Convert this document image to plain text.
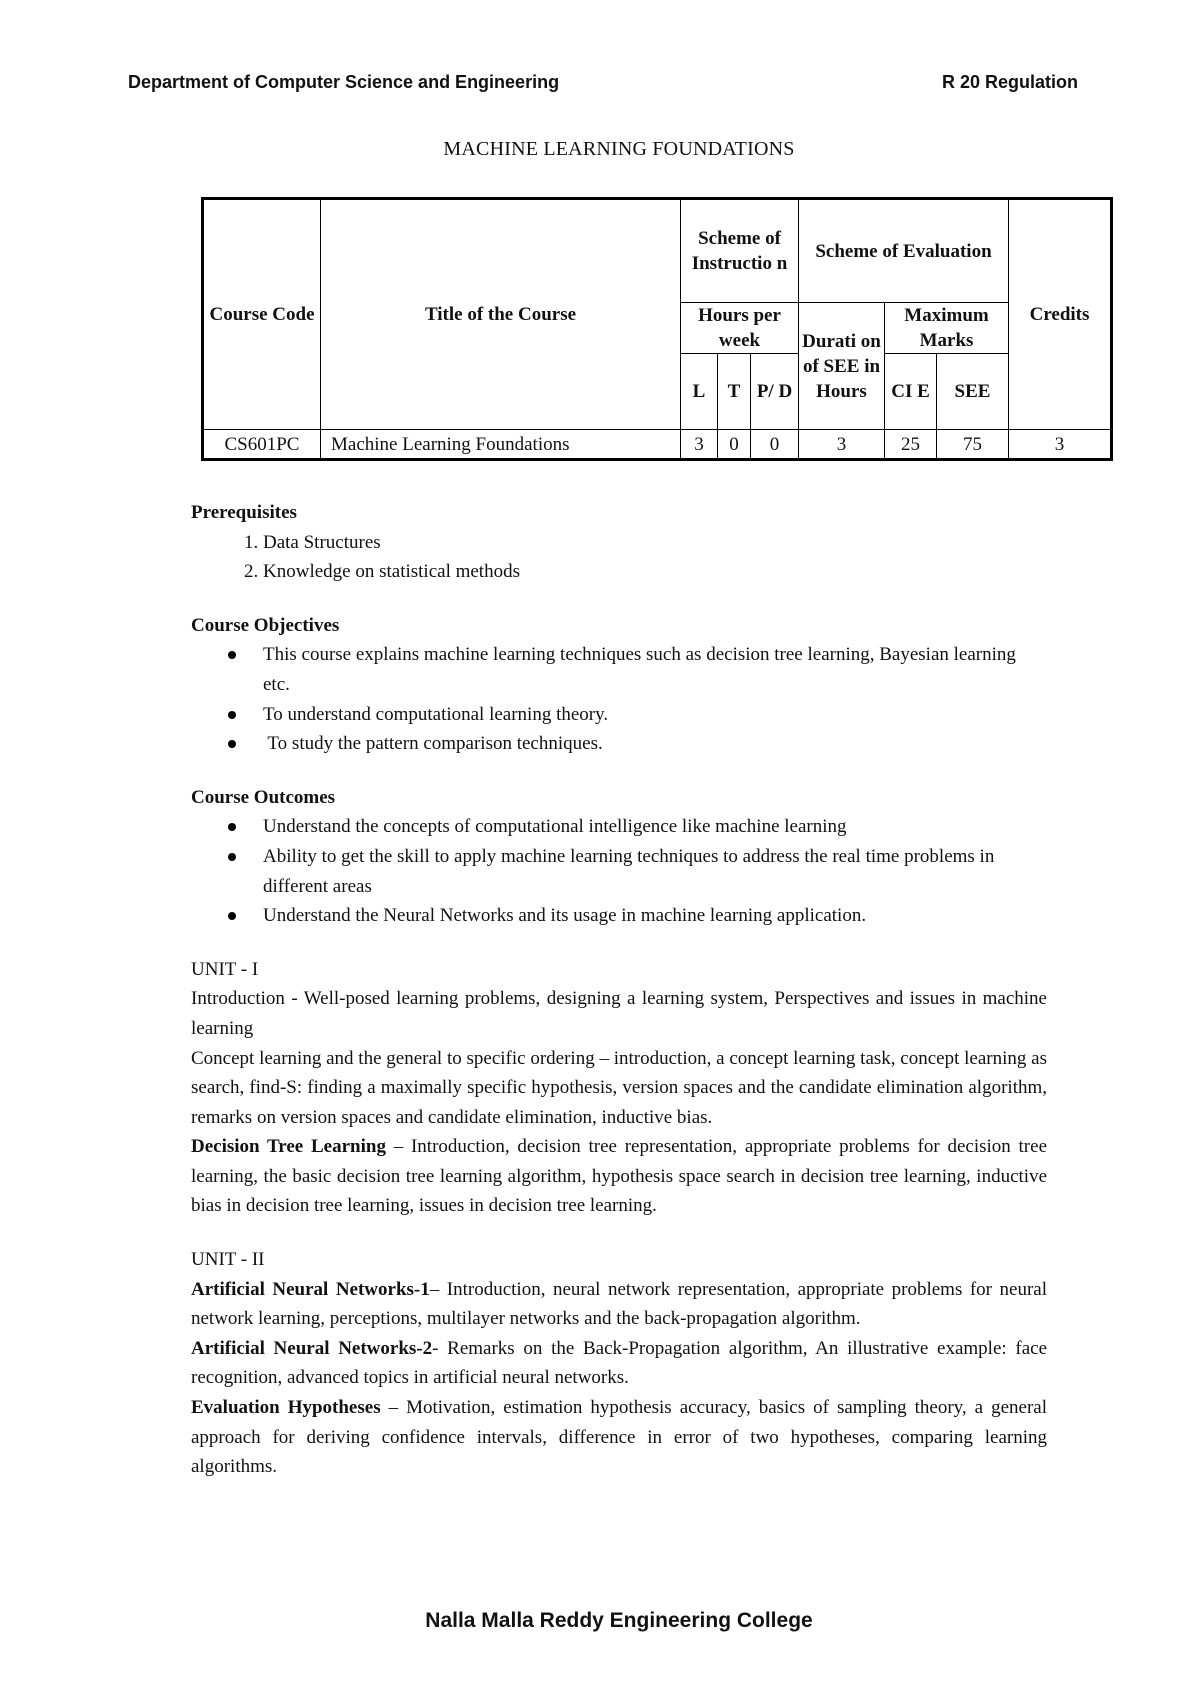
Department of Computer Science and Engineering	R 20 Regulation
MACHINE LEARNING FOUNDATIONS
Course Code	Title of the Course	Scheme of Instructio n			Scheme of Evaluation			Credits
		Hours per week			Durati on of SEE in Hours	Maximum Marks		
		L	T	P/ D		CI E	SEE	
CS601PC	Machine Learning Foundations	3	0	0	3	25	75	3
Prerequisites
1. Data Structures
2. Knowledge on statistical methods
Course Objectives
This course explains machine learning techniques such as decision tree learning, Bayesian learning etc.
To understand computational learning theory.
To study the pattern comparison techniques.
Course Outcomes
Understand the concepts of computational intelligence like machine learning
Ability to get the skill to apply machine learning techniques to address the real time problems in different areas
Understand the Neural Networks and its usage in machine learning application.
UNIT - I

Introduction - Well-posed learning problems, designing a learning system, Perspectives and issues in machine learning

Concept learning and the general to specific ordering – introduction, a concept learning task, concept learning as search, find-S: finding a maximally specific hypothesis, version spaces and the candidate elimination algorithm, remarks on version spaces and candidate elimination, inductive bias.

Decision Tree Learning – Introduction, decision tree representation, appropriate problems for decision tree learning, the basic decision tree learning algorithm, hypothesis space search in decision tree learning, inductive bias in decision tree learning, issues in decision tree learning.

UNIT - II

Artificial Neural Networks-1– Introduction, neural network representation, appropriate problems for neural network learning, perceptions, multilayer networks and the back-propagation algorithm.

Artificial Neural Networks-2- Remarks on the Back-Propagation algorithm, An illustrative example: face recognition, advanced topics in artificial neural networks.

Evaluation Hypotheses – Motivation, estimation hypothesis accuracy, basics of sampling theory, a general approach for deriving confidence intervals, difference in error of two hypotheses, comparing learning algorithms.

Nalla Malla Reddy Engineering College
